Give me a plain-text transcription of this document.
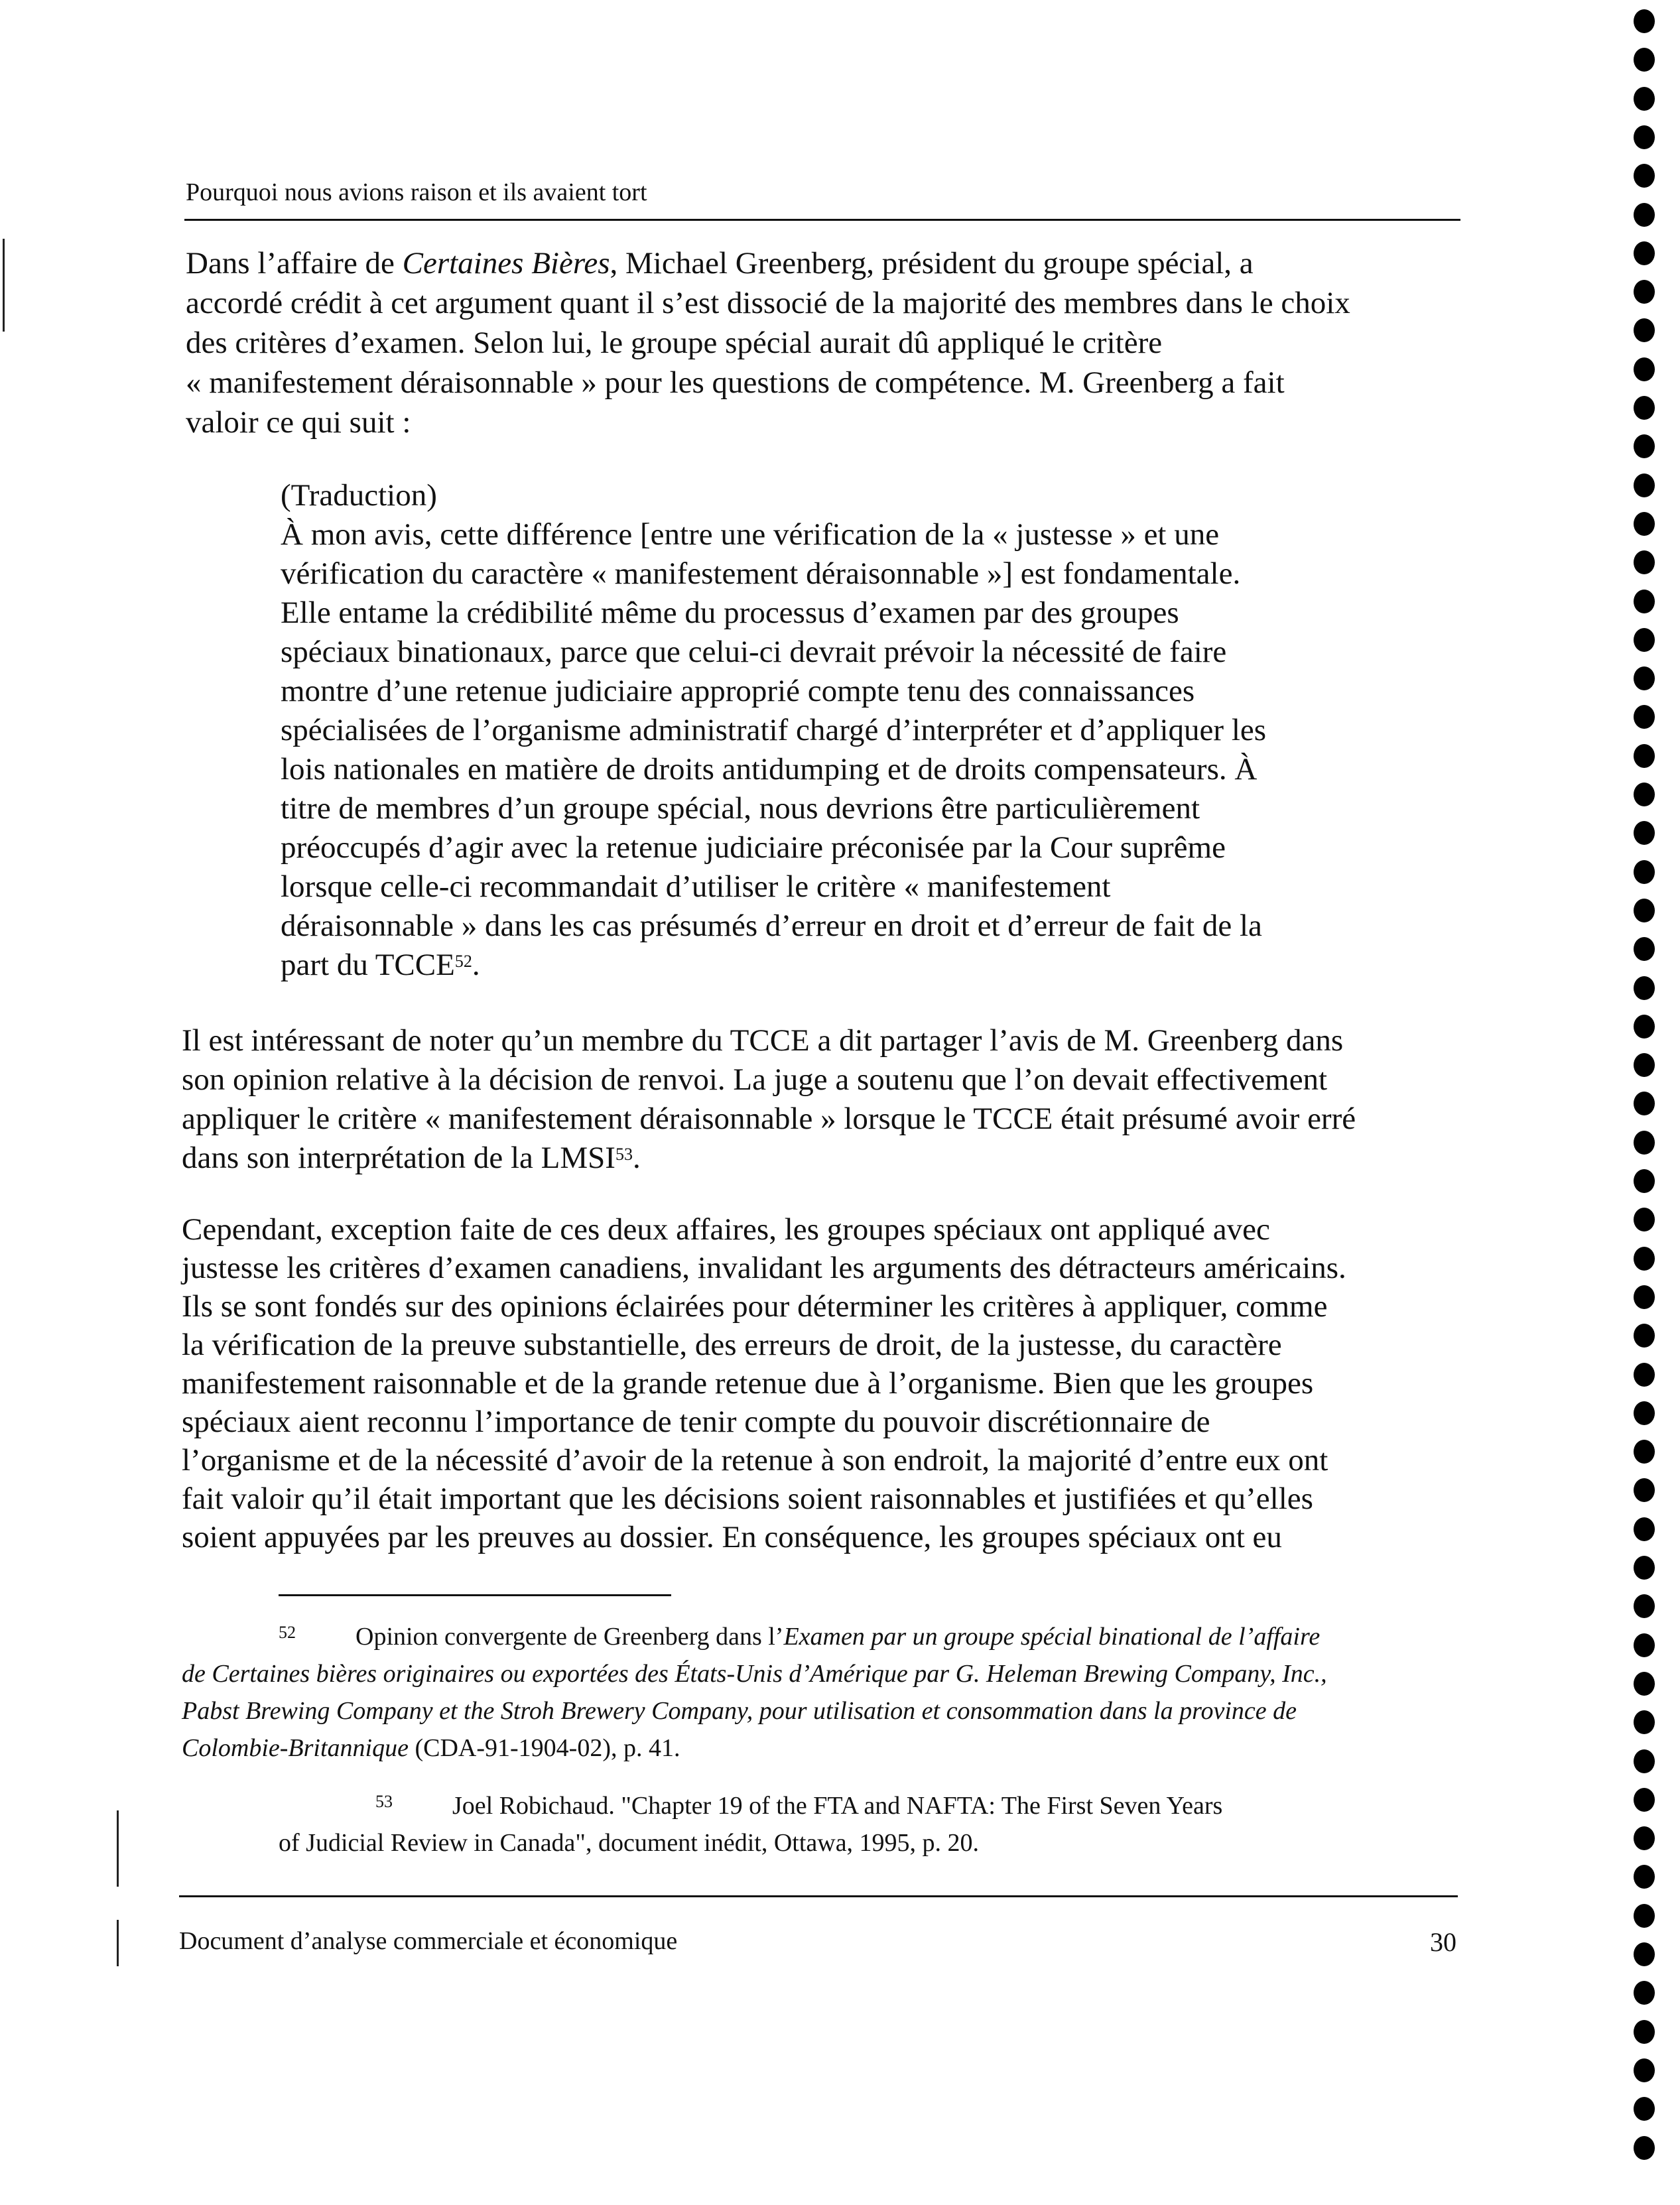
Pourquoi nous avions raison et ils avaient tort
Dans l’affaire de Certaines Bières, Michael Greenberg, président du groupe spécial, a
accordé crédit à cet argument quant il s’est dissocié de la majorité des membres dans le choix
des critères d’examen. Selon lui, le groupe spécial aurait dû appliqué le critère
« manifestement déraisonnable » pour les questions de compétence. M. Greenberg a fait
valoir ce qui suit :
(Traduction)
À mon avis, cette différence [entre une vérification de la « justesse » et une
vérification du caractère « manifestement déraisonnable »] est fondamentale.
Elle entame la crédibilité même du processus d’examen par des groupes
spéciaux binationaux, parce que celui-ci devrait prévoir la nécessité de faire
montre d’une retenue judiciaire approprié compte tenu des connaissances
spécialisées de l’organisme administratif chargé d’interpréter et d’appliquer les
lois nationales en matière de droits antidumping et de droits compensateurs. À
titre de membres d’un groupe spécial, nous devrions être particulièrement
préoccupés d’agir avec la retenue judiciaire préconisée par la Cour suprême
lorsque celle-ci recommandait d’utiliser le critère « manifestement
déraisonnable » dans les cas présumés d’erreur en droit et d’erreur de fait de la
part du TCCE$^{52}$.
Il est intéressant de noter qu’un membre du TCCE a dit partager l’avis de M. Greenberg dans
son opinion relative à la décision de renvoi. La juge a soutenu que l’on devait effectivement
appliquer le critère « manifestement déraisonnable » lorsque le TCCE était présumé avoir erré
dans son interprétation de la LMSI$^{53}$.
Cependant, exception faite de ces deux affaires, les groupes spéciaux ont appliqué avec
justesse les critères d’examen canadiens, invalidant les arguments des détracteurs américains.
Ils se sont fondés sur des opinions éclairées pour déterminer les critères à appliquer, comme
la vérification de la preuve substantielle, des erreurs de droit, de la justesse, du caractère
manifestement raisonnable et de la grande retenue due à l’organisme. Bien que les groupes
spéciaux aient reconnu l’importance de tenir compte du pouvoir discrétionnaire de
l’organisme et de la nécessité d’avoir de la retenue à son endroit, la majorité d’entre eux ont
fait valoir qu’il était important que les décisions soient raisonnables et justifiées et qu’elles
soient appuyées par les preuves au dossier. En conséquence, les groupes spéciaux ont eu
$^{52}$ Opinion convergente de Greenberg dans l’Examen par un groupe spécial binational de l’affaire
de Certaines bières originaires ou exportées des États-Unis d’Amérique par G. Heleman Brewing Company, Inc.,
Pabst Brewing Company et the Stroh Brewery Company, pour utilisation et consommation dans la province de
Colombie-Britannique (CDA-91-1904-02), p. 41.
$^{53}$ Joel Robichaud. "Chapter 19 of the FTA and NAFTA: The First Seven Years
of Judicial Review in Canada", document inédit, Ottawa, 1995, p. 20.
Document d’analyse commerciale et économique	30
